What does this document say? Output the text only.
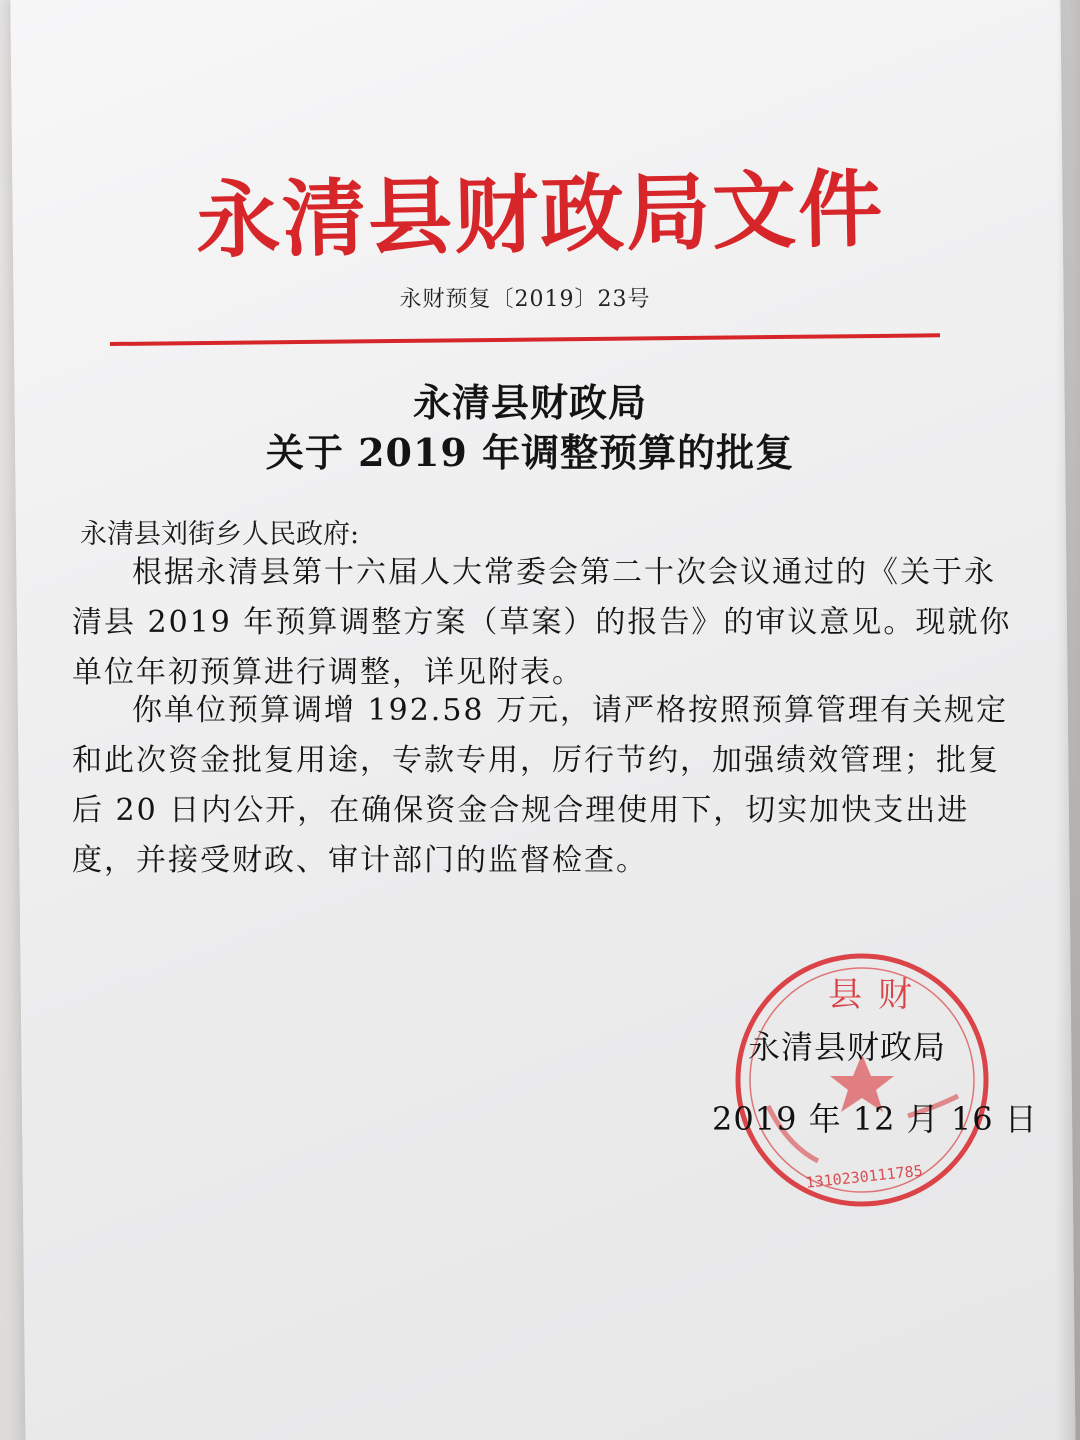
永清县财政局文件
永财预复〔2019〕23号
永清县财政局
关于 2019 年调整预算的批复
永清县刘街乡人民政府:
根据永清县第十六届人大常委会第二十次会议通过的《关于永清县 2019 年预算调整方案（草案）的报告》的审议意见。现就你单位年初预算进行调整，详见附表。
你单位预算调增 192.58 万元，请严格按照预算管理有关规定和此次资金批复用途，专款专用，厉行节约，加强绩效管理；批复后 20 日内公开，在确保资金合规合理使用下，切实加快支出进度，并接受财政、审计部门的监督检查。
县 财
1310230111785
永清县财政局
2019 年 12 月 16 日
